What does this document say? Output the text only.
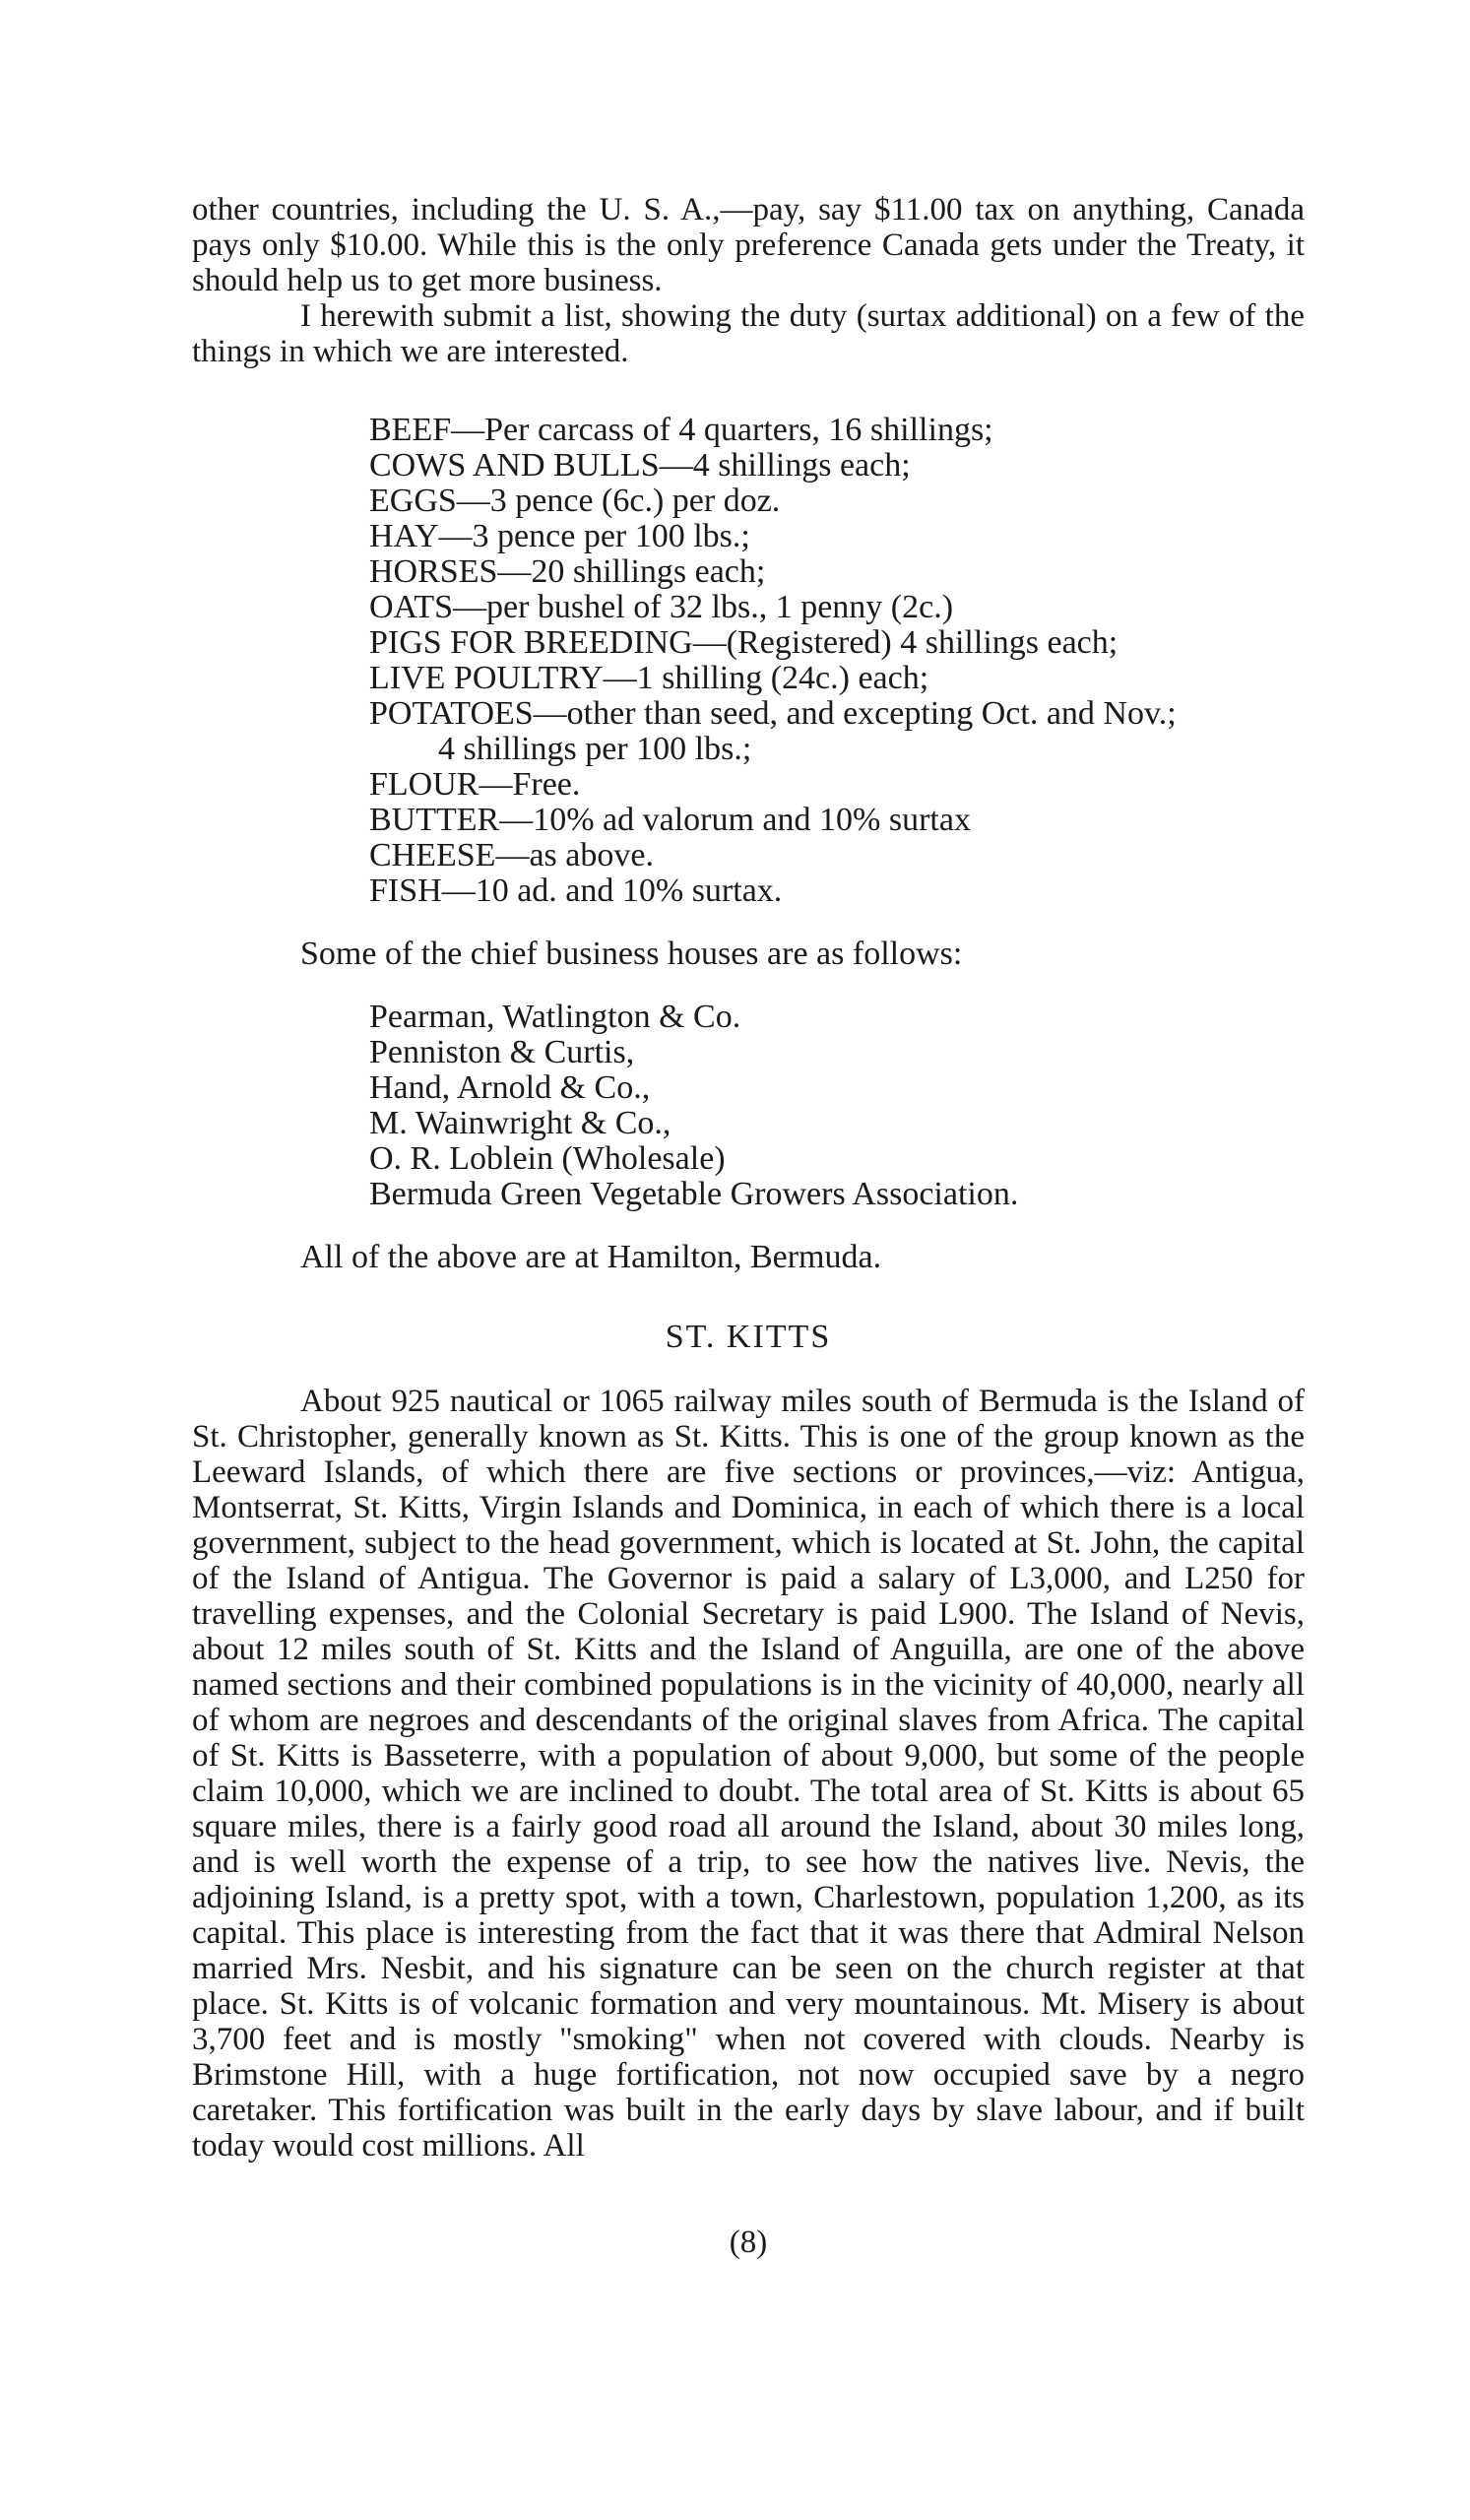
other countries, including the U. S. A.,—pay, say $11.00 tax on anything, Canada pays only $10.00. While this is the only preference Canada gets under the Treaty, it should help us to get more business.

I herewith submit a list, showing the duty (surtax additional) on a few of the things in which we are interested.

BEEF—Per carcass of 4 quarters, 16 shillings;

COWS AND BULLS—4 shillings each;

EGGS—3 pence (6c.) per doz.

HAY—3 pence per 100 lbs.;

HORSES—20 shillings each;

OATS—per bushel of 32 lbs., 1 penny (2c.)

PIGS FOR BREEDING—(Registered) 4 shillings each;

LIVE POULTRY—1 shilling (24c.) each;

POTATOES—other than seed, and excepting Oct. and Nov.;

4 shillings per 100 lbs.;

FLOUR—Free.

BUTTER—10% ad valorum and 10% surtax

CHEESE—as above.

FISH—10 ad. and 10% surtax.

Some of the chief business houses are as follows:

Pearman, Watlington & Co.

Penniston & Curtis,

Hand, Arnold & Co.,

M. Wainwright & Co.,

O. R. Loblein (Wholesale)

Bermuda Green Vegetable Growers Association.

All of the above are at Hamilton, Bermuda.

ST. KITTS

About 925 nautical or 1065 railway miles south of Bermuda is the Island of St. Christopher, generally known as St. Kitts. This is one of the group known as the Leeward Islands, of which there are five sections or provinces,—viz: Antigua, Montserrat, St. Kitts, Virgin Islands and Dominica, in each of which there is a local government, subject to the head government, which is located at St. John, the capital of the Island of Antigua. The Governor is paid a salary of L3,000, and L250 for travelling expenses, and the Colonial Secretary is paid L900. The Island of Nevis, about 12 miles south of St. Kitts and the Island of Anguilla, are one of the above named sections and their combined populations is in the vicinity of 40,000, nearly all of whom are negroes and descendants of the original slaves from Africa. The capital of St. Kitts is Basseterre, with a population of about 9,000, but some of the people claim 10,000, which we are inclined to doubt. The total area of St. Kitts is about 65 square miles, there is a fairly good road all around the Island, about 30 miles long, and is well worth the expense of a trip, to see how the natives live. Nevis, the adjoining Island, is a pretty spot, with a town, Charlestown, population 1,200, as its capital. This place is interesting from the fact that it was there that Admiral Nelson married Mrs. Nesbit, and his signature can be seen on the church register at that place. St. Kitts is of volcanic formation and very mountainous. Mt. Misery is about 3,700 feet and is mostly "smoking" when not covered with clouds. Nearby is Brimstone Hill, with a huge fortification, not now occupied save by a negro caretaker. This fortification was built in the early days by slave labour, and if built today would cost millions. All

(8)
